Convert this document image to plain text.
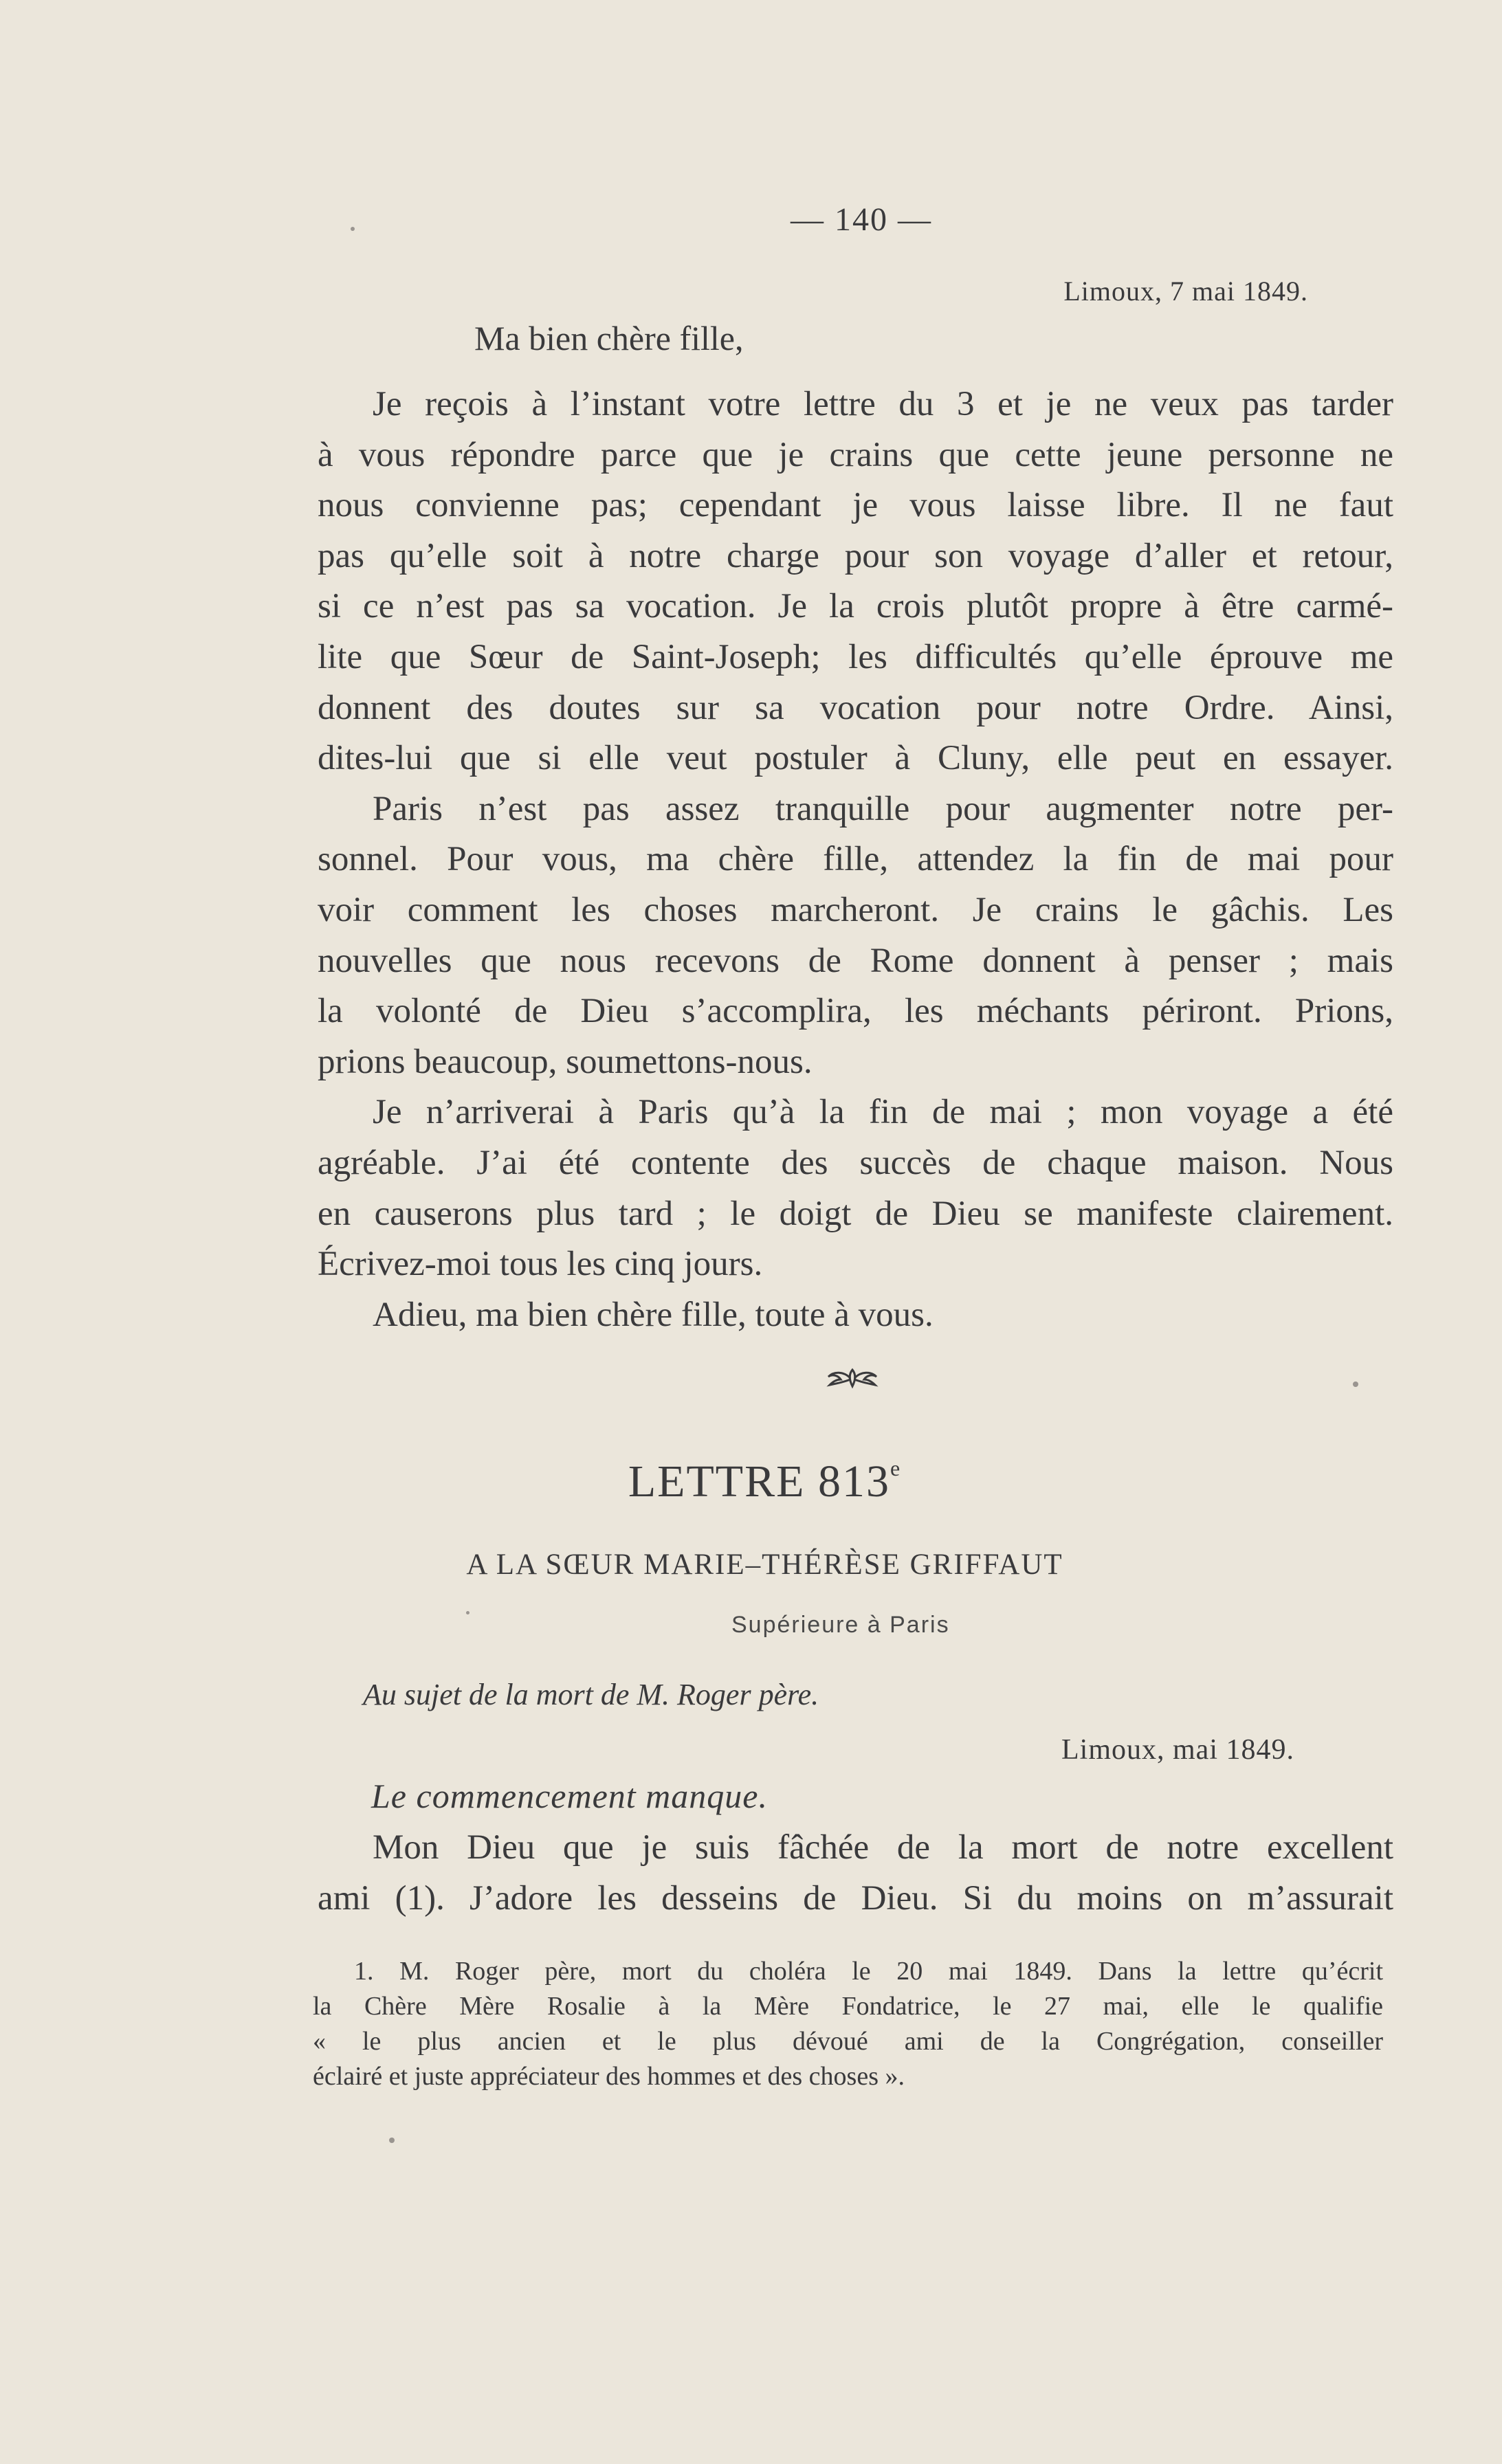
— 140 —
Limoux, 7 mai 1849.
Ma bien chère fille,
Je reçois à l’instant votre lettre du 3 et je ne veux pas tarder
à vous répondre parce que je crains que cette jeune personne ne
nous convienne pas; cependant je vous laisse libre. Il ne faut
pas qu’elle soit à notre charge pour son voyage d’aller et retour,
si ce n’est pas sa vocation. Je la crois plutôt propre à être carmé-
lite que Sœur de Saint-Joseph; les difficultés qu’elle éprouve me
donnent des doutes sur sa vocation pour notre Ordre. Ainsi,
dites-lui que si elle veut postuler à Cluny, elle peut en essayer.
Paris n’est pas assez tranquille pour augmenter notre per-
sonnel. Pour vous, ma chère fille, attendez la fin de mai pour
voir comment les choses marcheront. Je crains le gâchis. Les
nouvelles que nous recevons de Rome donnent à penser ; mais
la volonté de Dieu s’accomplira, les méchants périront. Prions,
prions beaucoup, soumettons-nous.
Je n’arriverai à Paris qu’à la fin de mai ; mon voyage a été
agréable. J’ai été contente des succès de chaque maison. Nous
en causerons plus tard ; le doigt de Dieu se manifeste clairement.
Écrivez-moi tous les cinq jours.
Adieu, ma bien chère fille, toute à vous.
LETTRE 813e
A LA SŒUR MARIE–THÉRÈSE GRIFFAUT
Supérieure à Paris
Au sujet de la mort de M. Roger père.
Limoux, mai 1849.
Le commencement manque.
Mon Dieu que je suis fâchée de la mort de notre excellent
ami (1). J’adore les desseins de Dieu. Si du moins on m’assurait
1. M. Roger père, mort du choléra le 20 mai 1849. Dans la lettre qu’écrit
la Chère Mère Rosalie à la Mère Fondatrice, le 27 mai, elle le qualifie
« le plus ancien et le plus dévoué ami de la Congrégation, conseiller
éclairé et juste appréciateur des hommes et des choses ».
